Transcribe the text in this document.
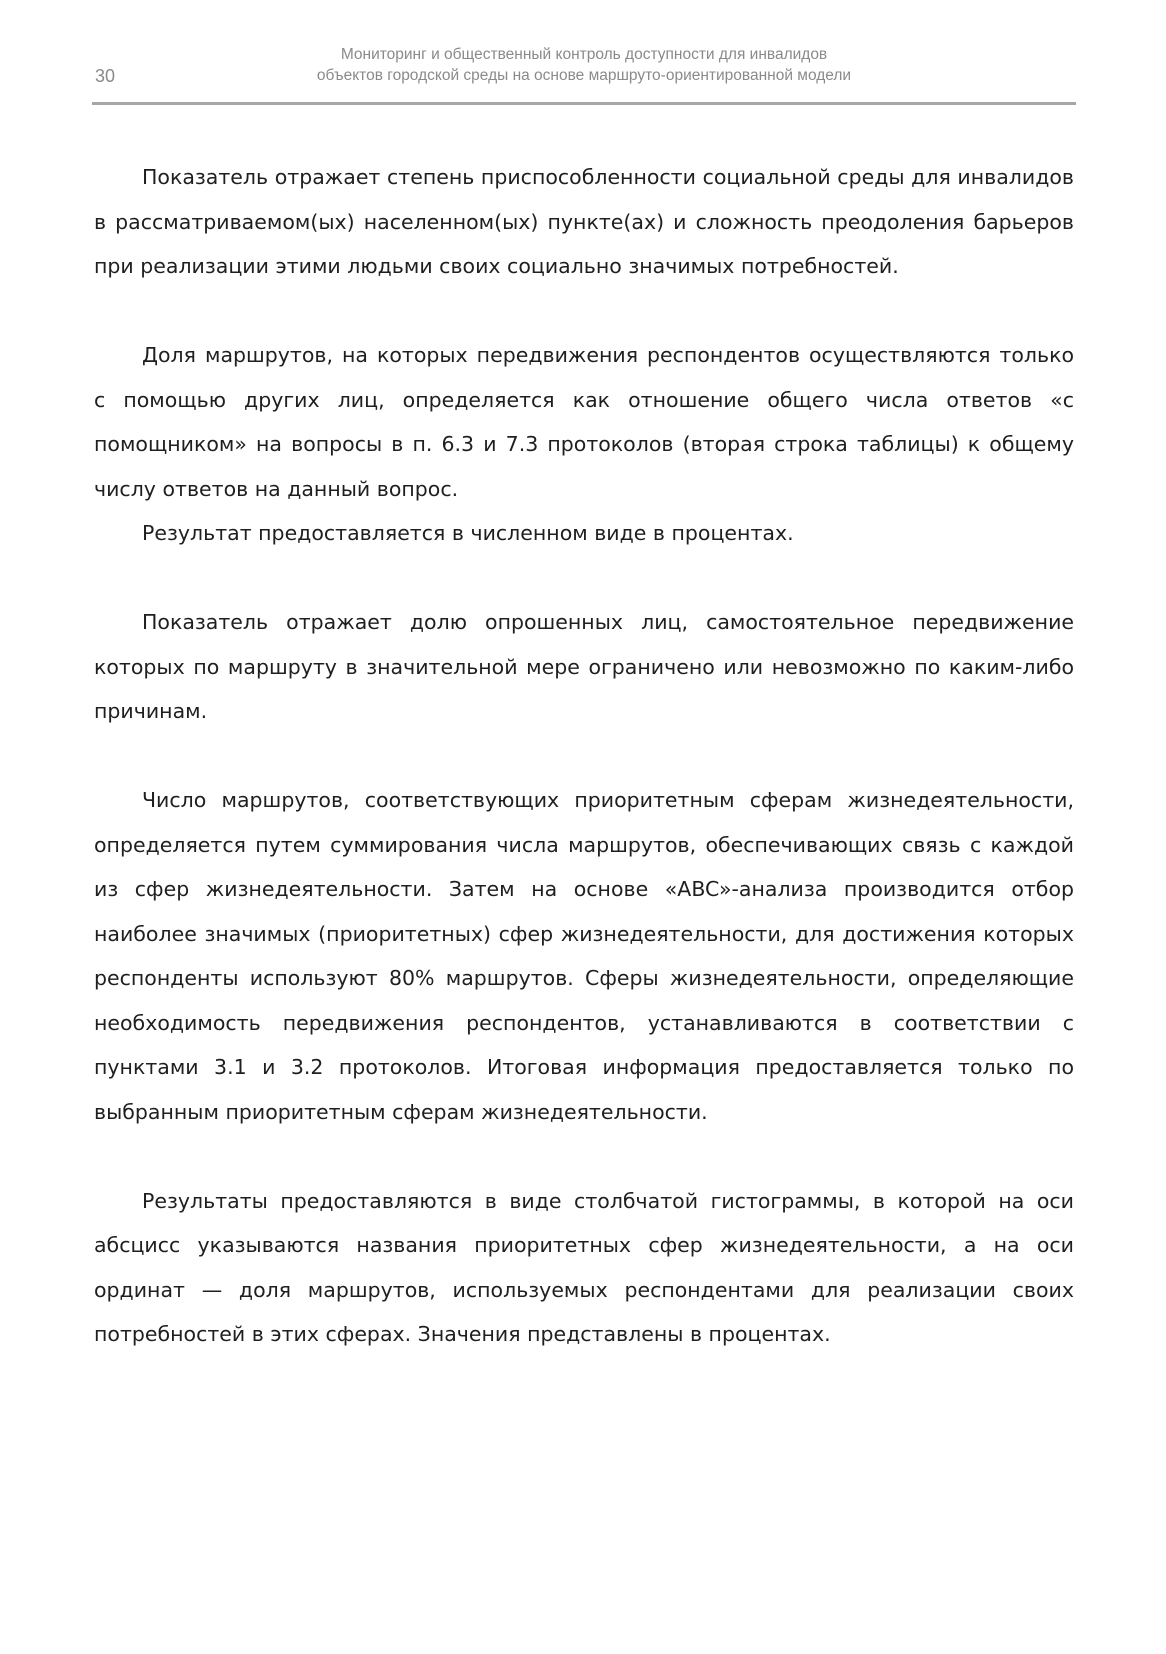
30
Мониторинг и общественный контроль доступности для инвалидов
объектов городской среды на основе маршруто-ориентированной модели

Показатель отражает степень приспособленности социальной среды для инвалидов в рассматриваемом(ых) населенном(ых) пункте(ах) и сложность преодоления барьеров при реализации этими людьми своих социально значимых потребностей.

Доля маршрутов, на которых передвижения респондентов осуществляются только с помощью других лиц, определяется как отношение общего числа ответов «с помощником» на вопросы в п. 6.3 и 7.3 протоколов (вторая строка таблицы) к общему числу ответов на данный вопрос.

Результат предоставляется в численном виде в процентах.

Показатель отражает долю опрошенных лиц, самостоятельное передвижение которых по маршруту в значительной мере ограничено или невозможно по каким-либо причинам.

Число маршрутов, соответствующих приоритетным сферам жизнедеятельности, определяется путем суммирования числа маршрутов, обеспечивающих связь с каждой из сфер жизнедеятельности. Затем на основе «ABC»-анализа производится отбор наиболее значимых (приоритетных) сфер жизнедеятельности, для достижения которых респонденты используют 80% маршрутов. Сферы жизнедеятельности, определяющие необходимость передвижения респондентов, устанавливаются в соответствии с пунктами 3.1 и 3.2 протоколов. Итоговая информация предоставляется только по выбранным приоритетным сферам жизнедеятельности.

Результаты предоставляются в виде столбчатой гистограммы, в которой на оси абсцисс указываются названия приоритетных сфер жизнедеятельности, а на оси ординат — доля маршрутов, используемых респондентами для реализации своих потребностей в этих сферах. Значения представлены в процентах.
